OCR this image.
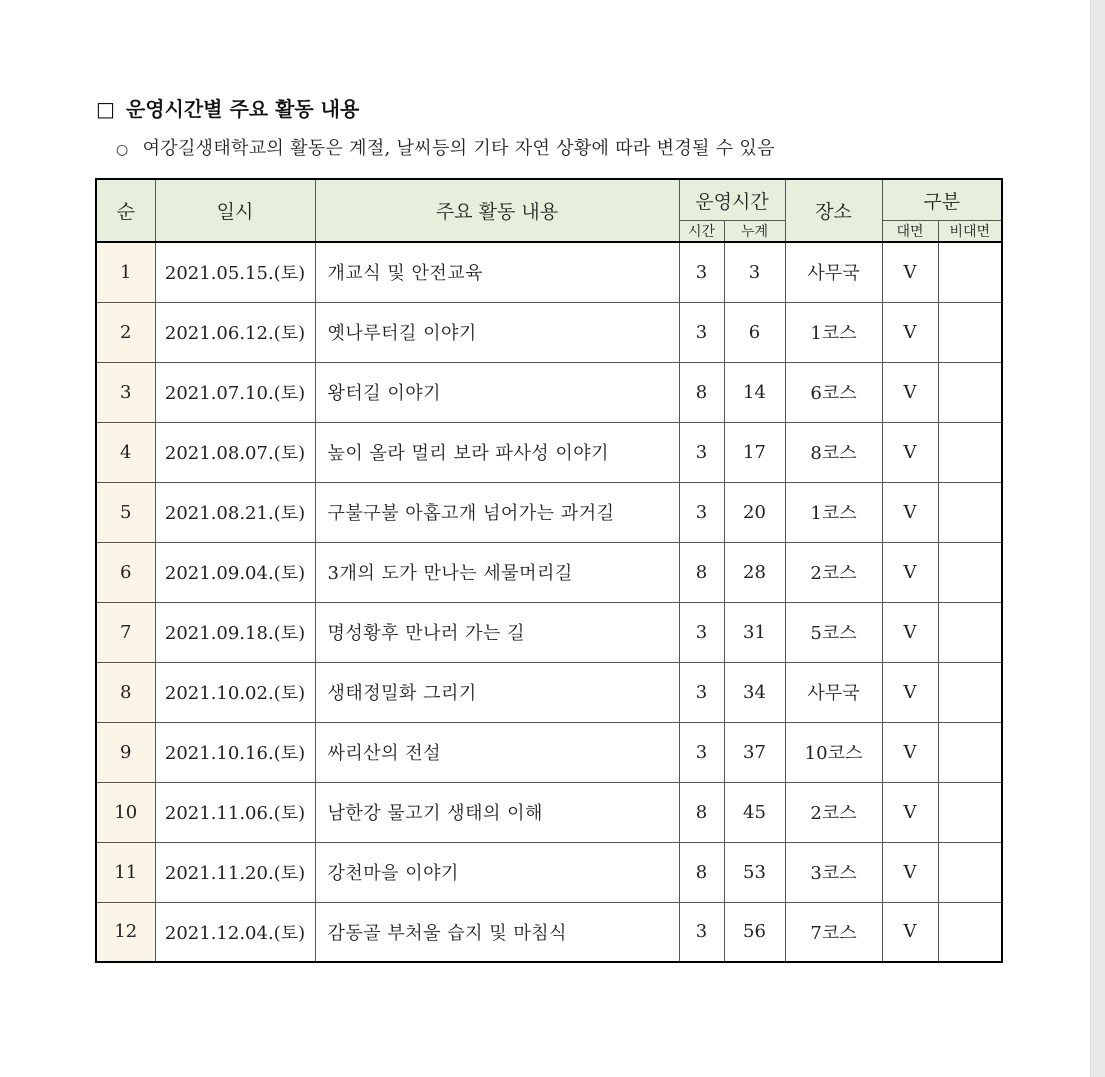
□ 운영시간별 주요 활동 내용
○ 여강길생태학교의 활동은 계절, 날씨등의 기타 자연 상황에 따라 변경될 수 있음
순	일시	주요 활동 내용	운영시간		장소	구분	
			시간	누계		대면	비대면
1	2021.05.15.(토)	개교식 및 안전교육	3	3	사무국	V	
2	2021.06.12.(토)	옛나루터길 이야기	3	6	1코스	V	
3	2021.07.10.(토)	왕터길 이야기	8	14	6코스	V	
4	2021.08.07.(토)	높이 올라 멀리 보라 파사성 이야기	3	17	8코스	V	
5	2021.08.21.(토)	구불구불 아홉고개 넘어가는 과거길	3	20	1코스	V	
6	2021.09.04.(토)	3개의 도가 만나는 세물머리길	8	28	2코스	V	
7	2021.09.18.(토)	명성황후 만나러 가는 길	3	31	5코스	V	
8	2021.10.02.(토)	생태정밀화 그리기	3	34	사무국	V	
9	2021.10.16.(토)	싸리산의 전설	3	37	10코스	V	
10	2021.11.06.(토)	남한강 물고기 생태의 이해	8	45	2코스	V	
11	2021.11.20.(토)	강천마을 이야기	8	53	3코스	V	
12	2021.12.04.(토)	감동골 부처울 습지 및 마침식	3	56	7코스	V	
